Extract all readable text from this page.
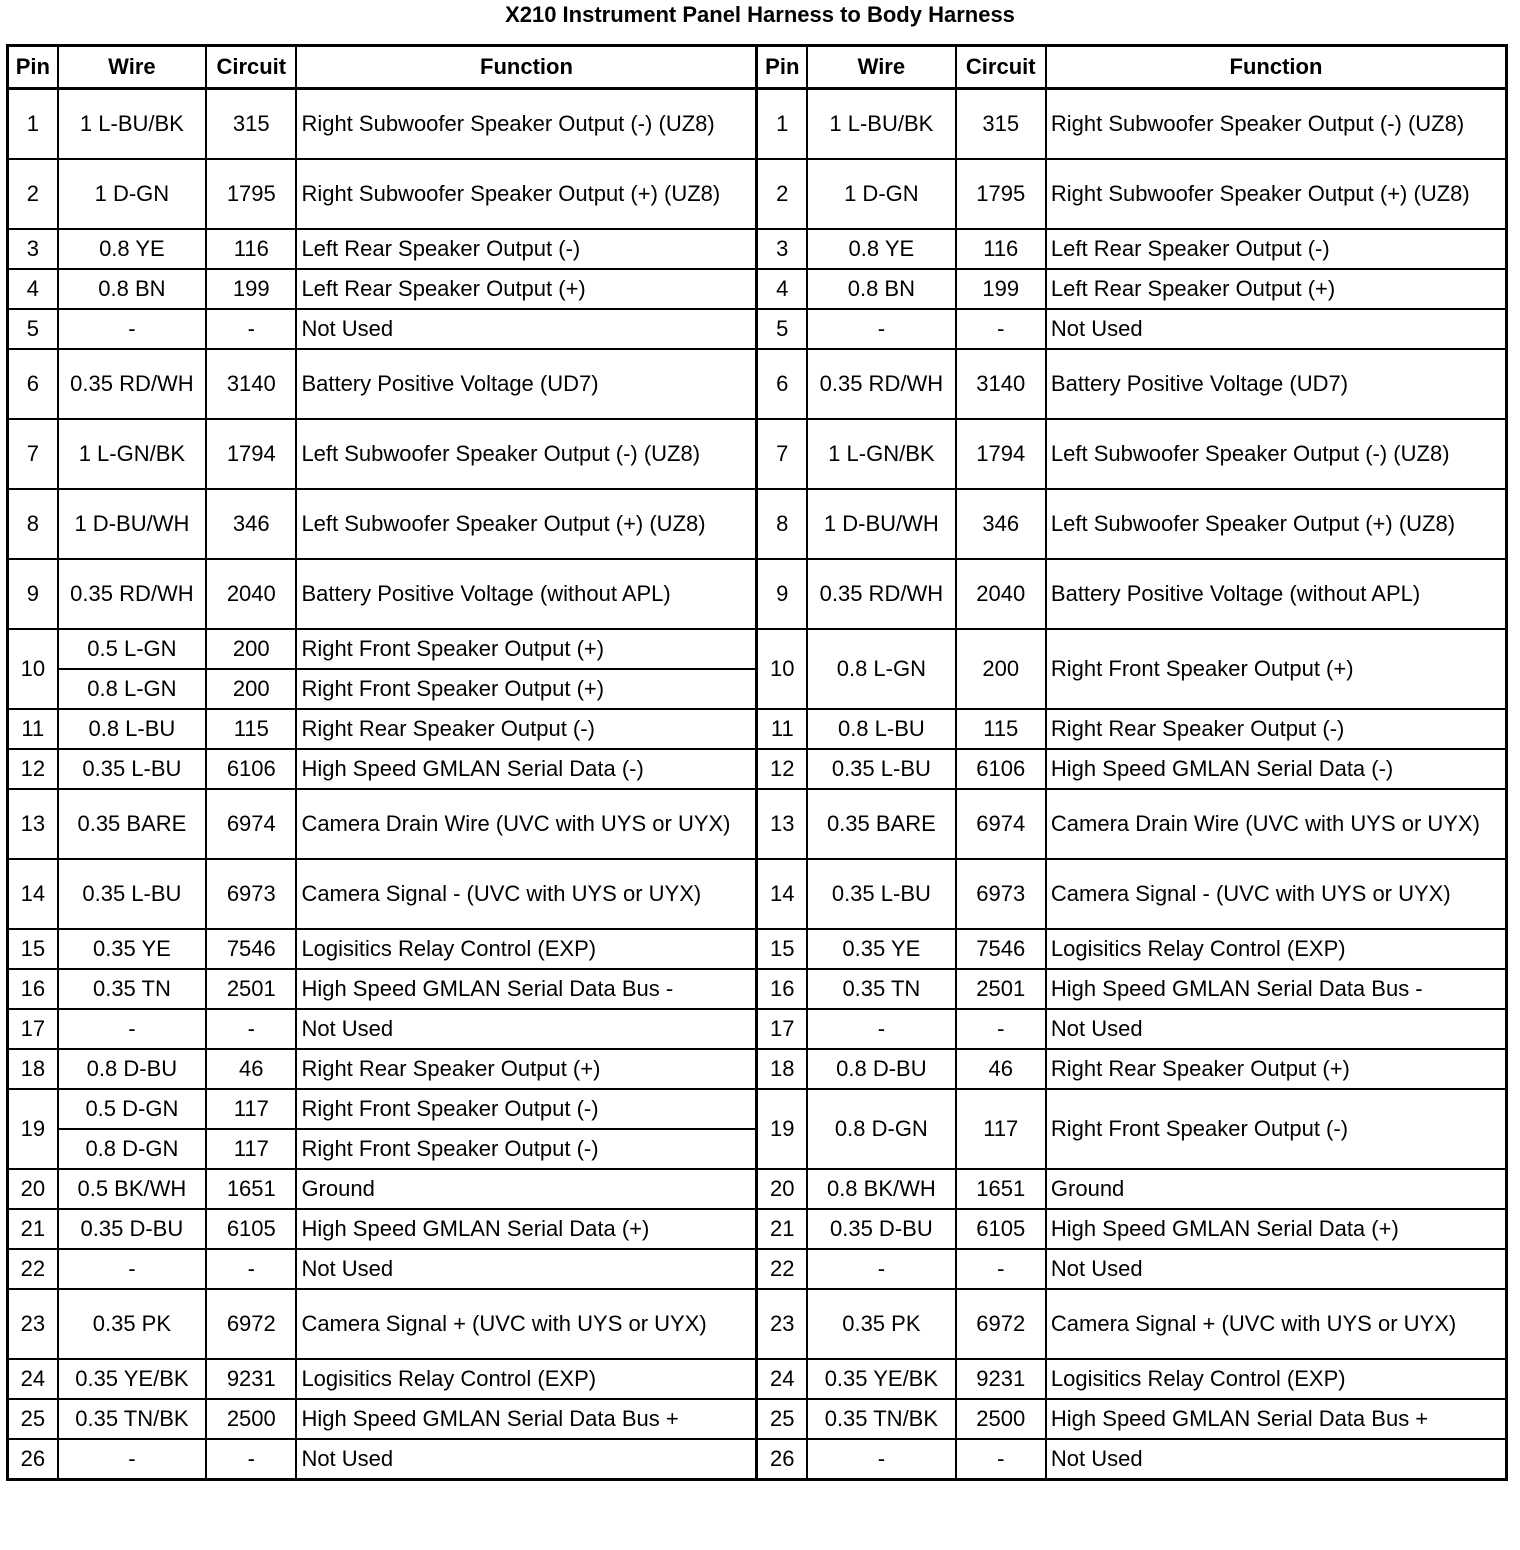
X210 Instrument Panel Harness to Body Harness
Pin	Wire	Circuit	Function	Pin	Wire	Circuit	Function
1	1 L-BU/BK	315	Right Subwoofer Speaker Output (-) (UZ8)	1	1 L-BU/BK	315	Right Subwoofer Speaker Output (-) (UZ8)
2	1 D-GN	1795	Right Subwoofer Speaker Output (+) (UZ8)	2	1 D-GN	1795	Right Subwoofer Speaker Output (+) (UZ8)
3	0.8 YE	116	Left Rear Speaker Output (-)	3	0.8 YE	116	Left Rear Speaker Output (-)
4	0.8 BN	199	Left Rear Speaker Output (+)	4	0.8 BN	199	Left Rear Speaker Output (+)
5	-	-	Not Used	5	-	-	Not Used
6	0.35 RD/WH	3140	Battery Positive Voltage (UD7)	6	0.35 RD/WH	3140	Battery Positive Voltage (UD7)
7	1 L-GN/BK	1794	Left Subwoofer Speaker Output (-) (UZ8)	7	1 L-GN/BK	1794	Left Subwoofer Speaker Output (-) (UZ8)
8	1 D-BU/WH	346	Left Subwoofer Speaker Output (+) (UZ8)	8	1 D-BU/WH	346	Left Subwoofer Speaker Output (+) (UZ8)
9	0.35 RD/WH	2040	Battery Positive Voltage (without APL)	9	0.35 RD/WH	2040	Battery Positive Voltage (without APL)
10	0.5 L-GN	200	Right Front Speaker Output (+)	10	0.8 L-GN	200	Right Front Speaker Output (+)
	0.8 L-GN	200	Right Front Speaker Output (+)				
11	0.8 L-BU	115	Right Rear Speaker Output (-)	11	0.8 L-BU	115	Right Rear Speaker Output (-)
12	0.35 L-BU	6106	High Speed GMLAN Serial Data (-)	12	0.35 L-BU	6106	High Speed GMLAN Serial Data (-)
13	0.35 BARE	6974	Camera Drain Wire (UVC with UYS or UYX)	13	0.35 BARE	6974	Camera Drain Wire (UVC with UYS or UYX)
14	0.35 L-BU	6973	Camera Signal - (UVC with UYS or UYX)	14	0.35 L-BU	6973	Camera Signal - (UVC with UYS or UYX)
15	0.35 YE	7546	Logisitics Relay Control (EXP)	15	0.35 YE	7546	Logisitics Relay Control (EXP)
16	0.35 TN	2501	High Speed GMLAN Serial Data Bus -	16	0.35 TN	2501	High Speed GMLAN Serial Data Bus -
17	-	-	Not Used	17	-	-	Not Used
18	0.8 D-BU	46	Right Rear Speaker Output (+)	18	0.8 D-BU	46	Right Rear Speaker Output (+)
19	0.5 D-GN	117	Right Front Speaker Output (-)	19	0.8 D-GN	117	Right Front Speaker Output (-)
	0.8 D-GN	117	Right Front Speaker Output (-)				
20	0.5 BK/WH	1651	Ground	20	0.8 BK/WH	1651	Ground
21	0.35 D-BU	6105	High Speed GMLAN Serial Data (+)	21	0.35 D-BU	6105	High Speed GMLAN Serial Data (+)
22	-	-	Not Used	22	-	-	Not Used
23	0.35 PK	6972	Camera Signal + (UVC with UYS or UYX)	23	0.35 PK	6972	Camera Signal + (UVC with UYS or UYX)
24	0.35 YE/BK	9231	Logisitics Relay Control (EXP)	24	0.35 YE/BK	9231	Logisitics Relay Control (EXP)
25	0.35 TN/BK	2500	High Speed GMLAN Serial Data Bus +	25	0.35 TN/BK	2500	High Speed GMLAN Serial Data Bus +
26	-	-	Not Used	26	-	-	Not Used
